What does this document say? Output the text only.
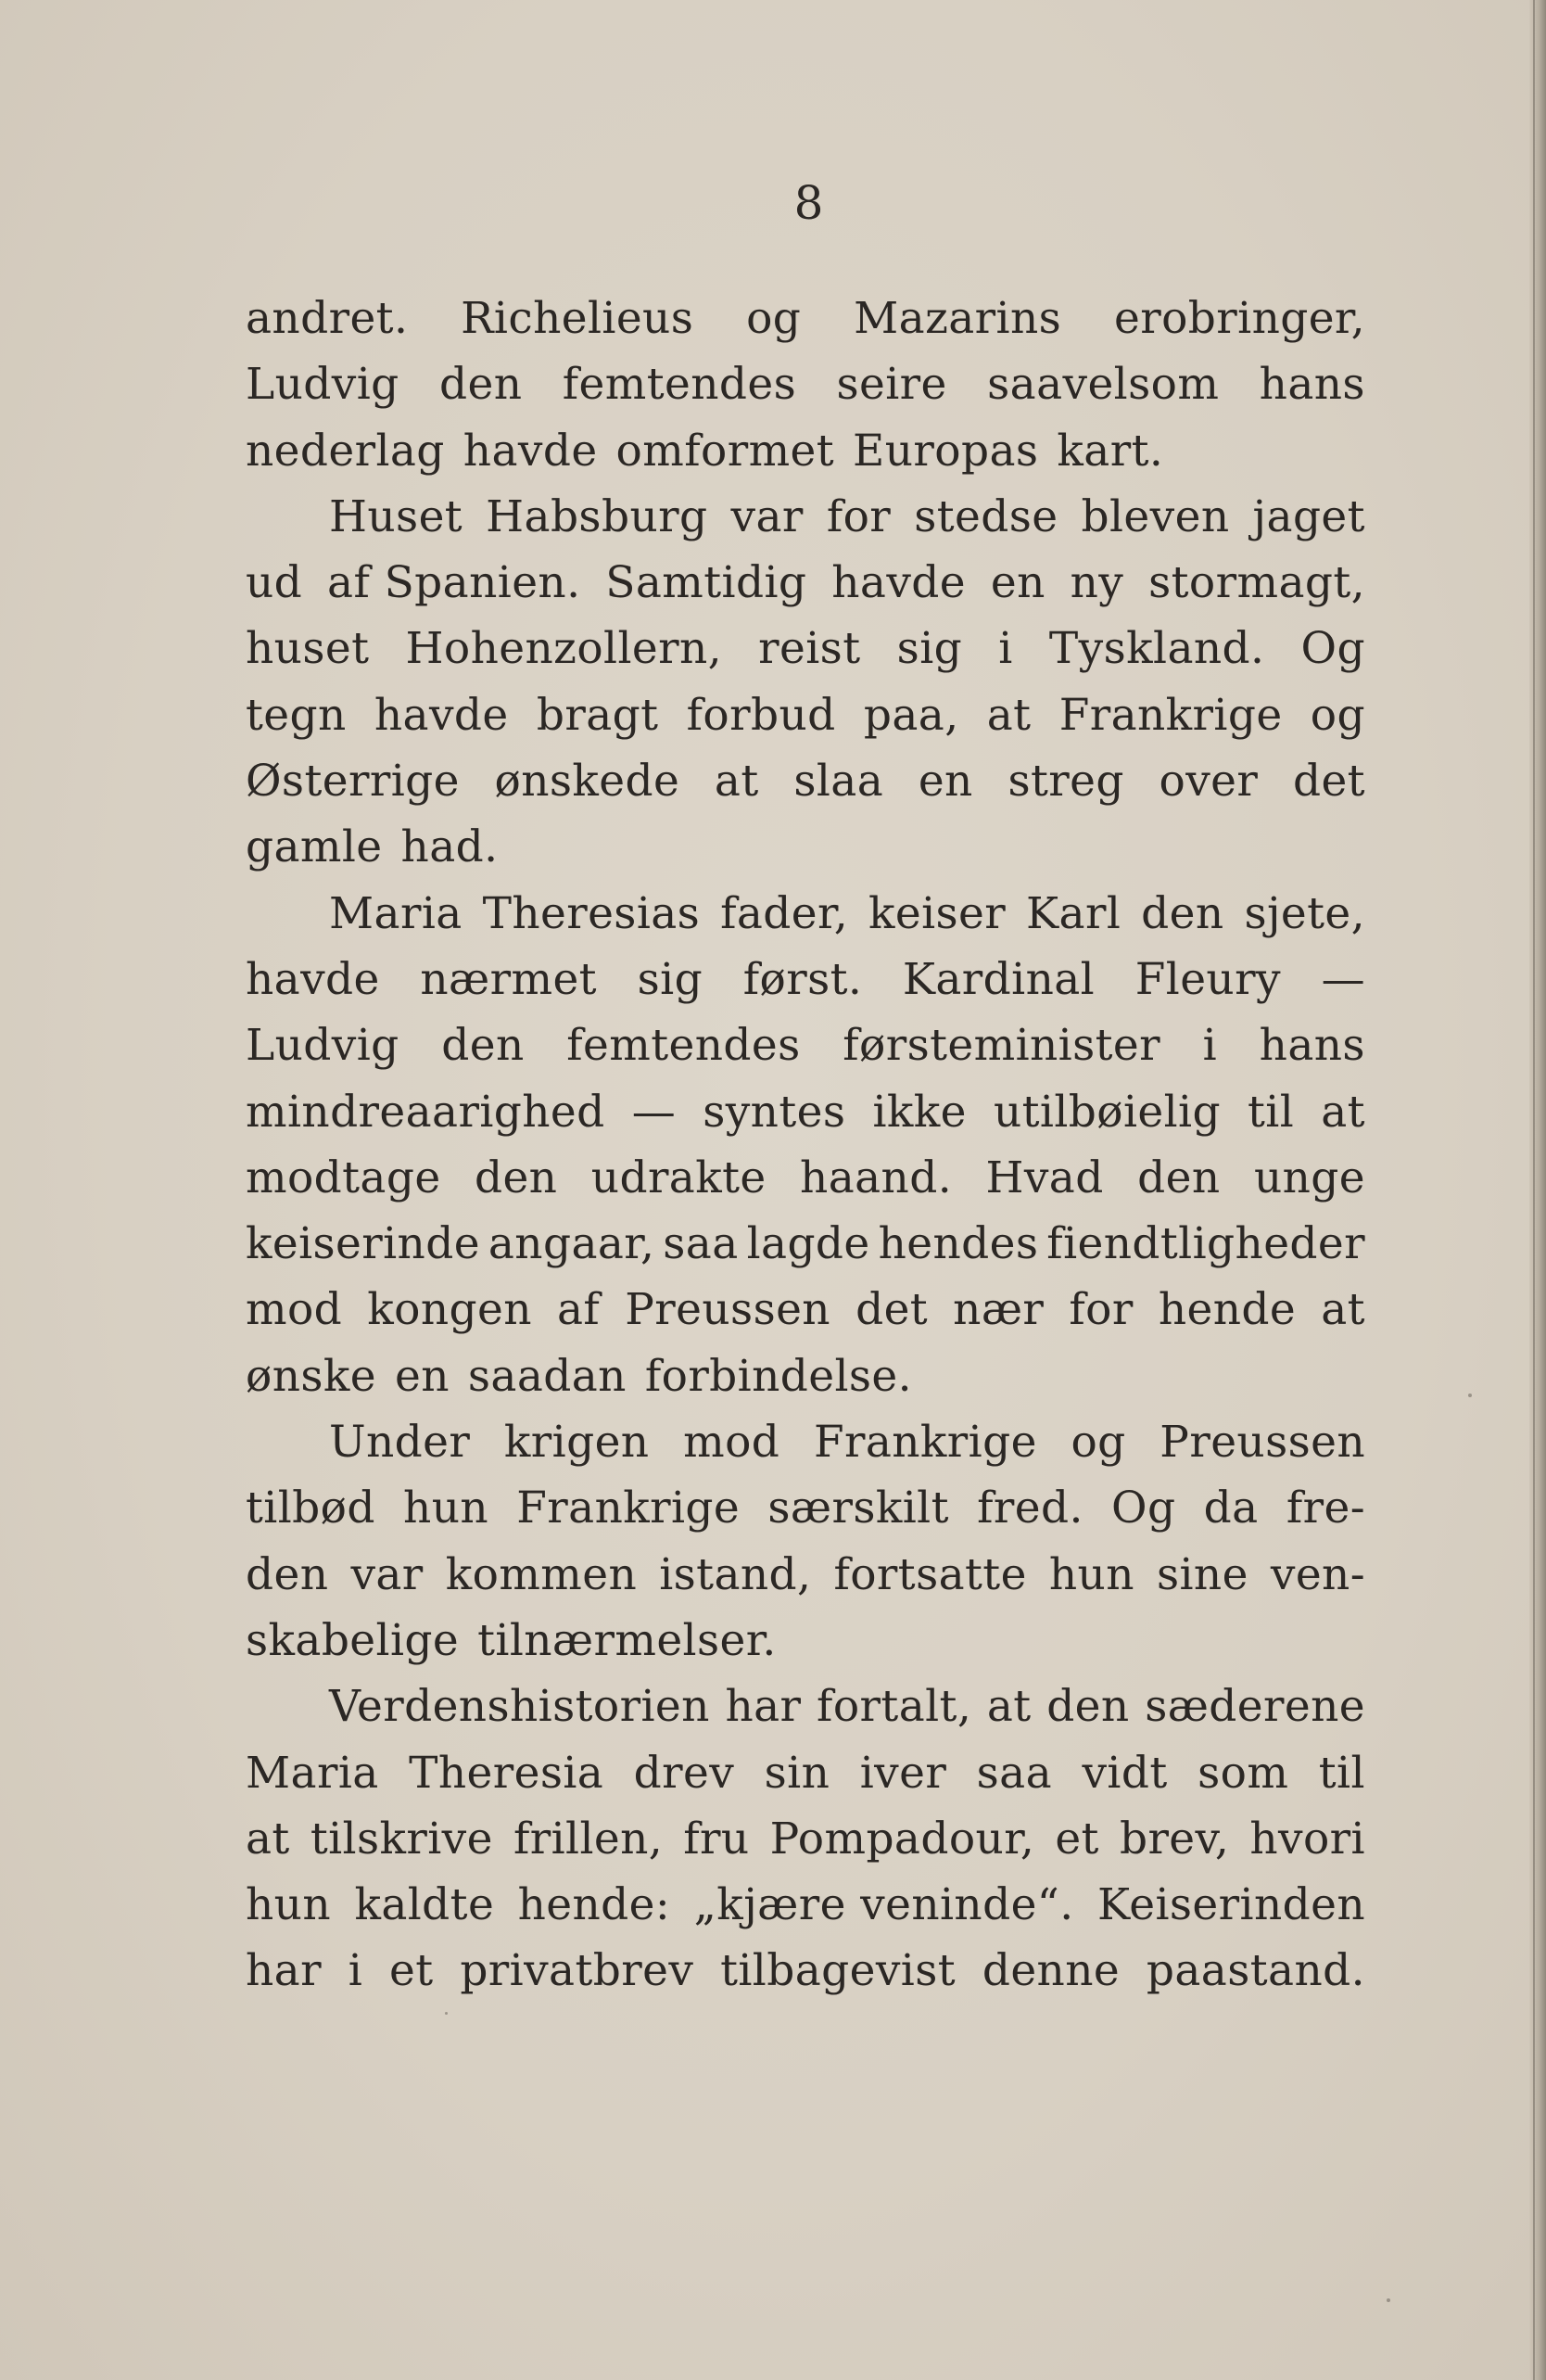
8
andret. Richelieus og Mazarins erobringer,
Ludvig den femtendes seire saavelsom hans
nederlag havde omformet Europas kart.
Huset Habsburg var for stedse bleven jaget
ud af Spanien. Samtidig havde en ny stormagt,
huset Hohenzollern, reist sig i Tyskland. Og
tegn havde bragt forbud paa, at Frankrige og
Østerrige ønskede at slaa en streg over det
gamle had.
Maria Theresias fader, keiser Karl den sjete,
havde nærmet sig først. Kardinal Fleury —
Ludvig den femtendes førsteminister i hans
mindreaarighed — syntes ikke utilbøielig til at
modtage den udrakte haand. Hvad den unge
keiserinde angaar, saa lagde hendes fiendtligheder
mod kongen af Preussen det nær for hende at
ønske en saadan forbindelse.
Under krigen mod Frankrige og Preussen
tilbød hun Frankrige særskilt fred. Og da fre-
den var kommen istand, fortsatte hun sine ven-
skabelige tilnærmelser.
Verdenshistorien har fortalt, at den sæderene
Maria Theresia drev sin iver saa vidt som til
at tilskrive frillen, fru Pompadour, et brev, hvori
hun kaldte hende: „kjære veninde“. Keiserinden
har i et privatbrev tilbagevist denne paastand.
